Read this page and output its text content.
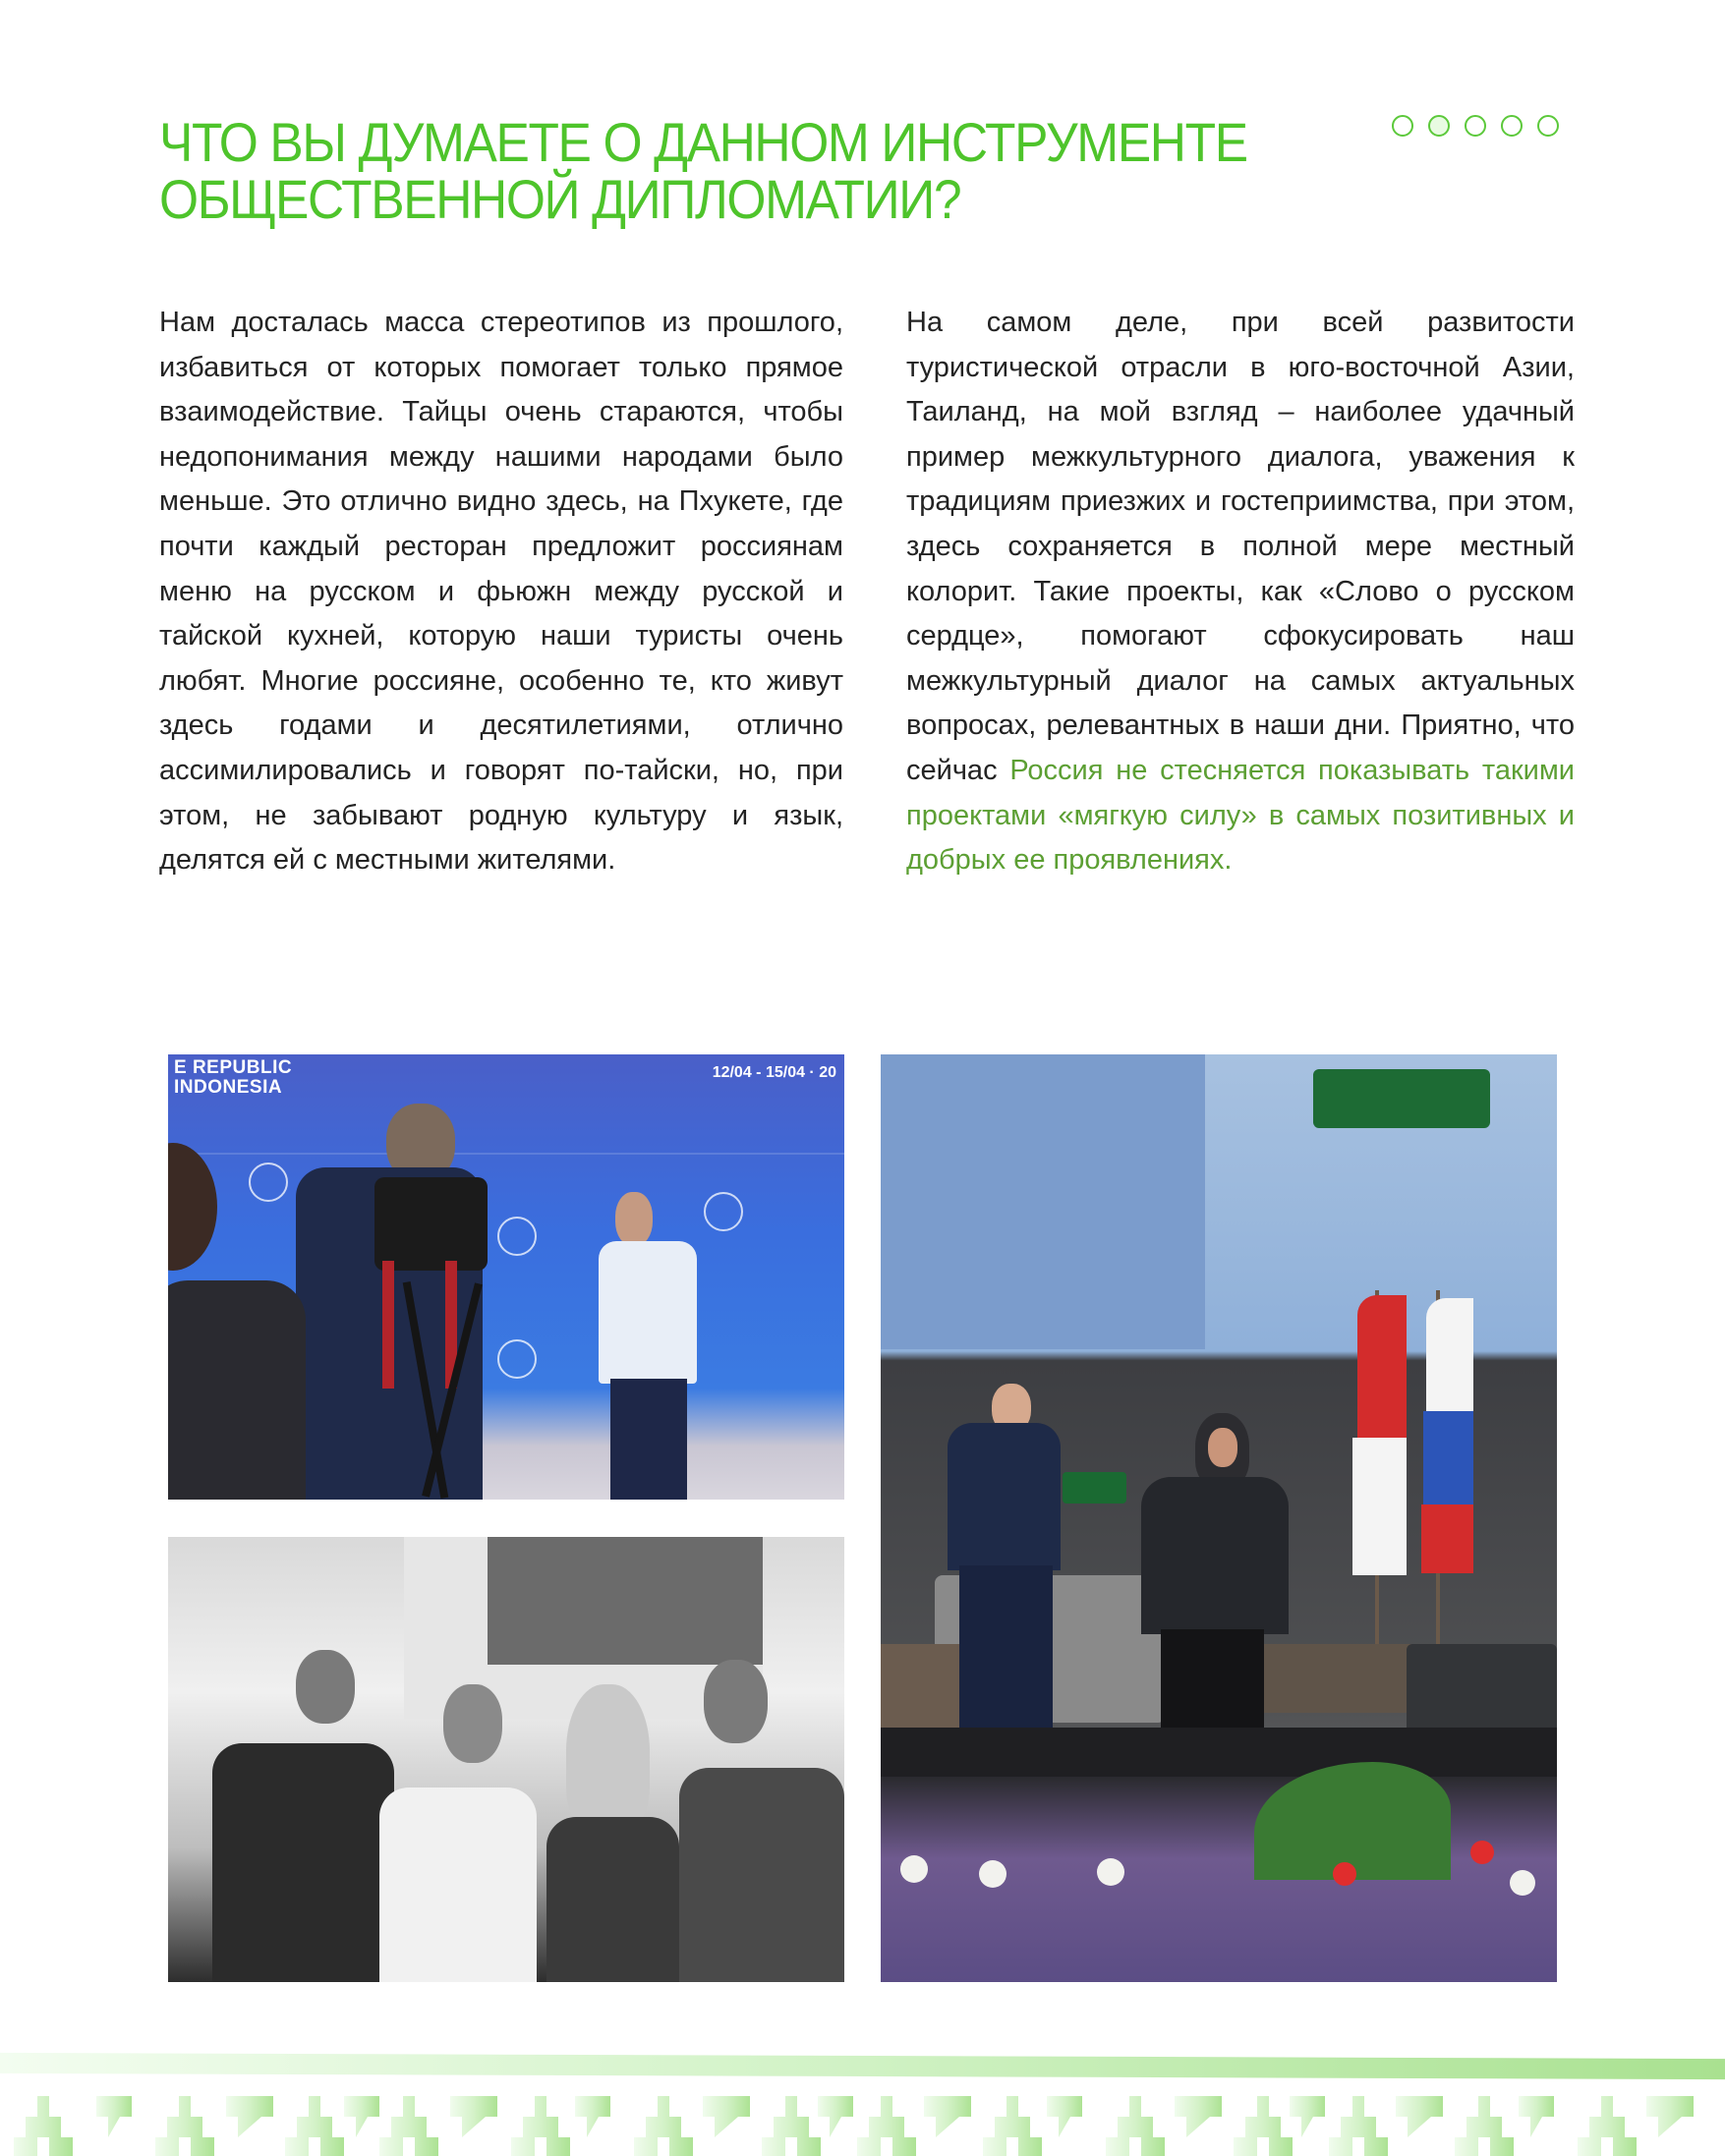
ЧТО ВЫ ДУМАЕТЕ О ДАННОМ ИНСТРУМЕНТЕ
ОБЩЕСТВЕННОЙ ДИПЛОМАТИИ?

Нам досталась масса стереотипов из прошлого, избавиться от которых помогает только прямое взаимодействие. Тайцы очень стараются, чтобы недопонимания между нашими народами было меньше. Это отлично видно здесь, на Пхукете, где почти каждый ресторан предложит россиянам меню на русском и фьюжн между русской и тайской кухней, которую наши туристы очень любят. Многие россияне, особенно те, кто живут здесь годами и десятилетиями, отлично ассимилировались и говорят по-тайски, но, при этом, не забывают родную культуру и язык, делятся ей с местными жителями.

На самом деле, при всей развитости туристической отрасли в юго-восточной Азии, Таиланд, на мой взгляд – наиболее удачный пример межкультурного диалога, уважения к традициям приезжих и гостеприимства, при этом, здесь сохраняется в полной мере местный колорит. Такие проекты, как «Слово о русском сердце», помогают сфокусировать наш межкультурный диалог на самых актуальных вопросах, релевантных в наши дни. Приятно, что сейчас Россия не стесняется показывать такими проектами «мягкую силу» в самых позитивных и добрых ее проявлениях.

E REPUBLIC
INDONESIA
12/04 - 15/04 · 20
